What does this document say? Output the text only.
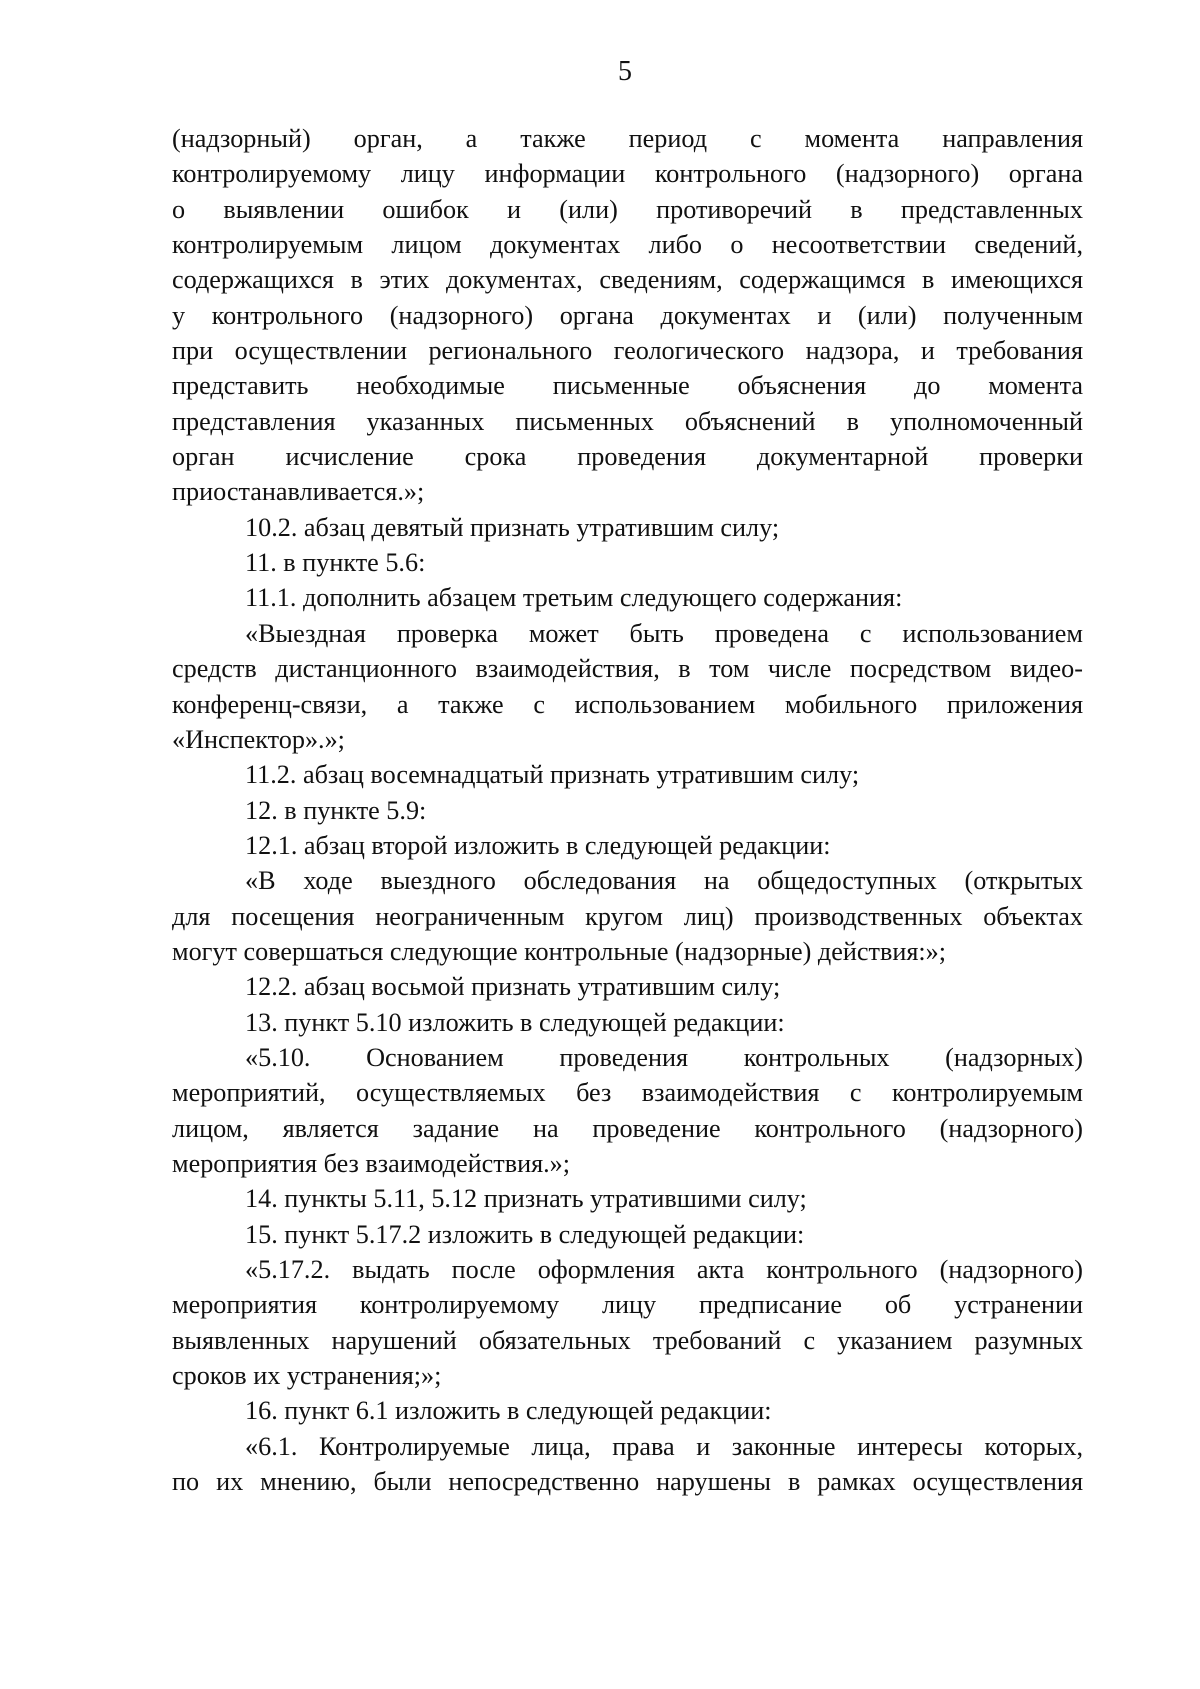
5
(надзорный) орган, а также период с момента направления
контролируемому лицу информации контрольного (надзорного) органа
о выявлении ошибок и (или) противоречий в представленных
контролируемым лицом документах либо о несоответствии сведений,
содержащихся в этих документах, сведениям, содержащимся в имеющихся
у контрольного (надзорного) органа документах и (или) полученным
при осуществлении регионального геологического надзора, и требования
представить необходимые письменные объяснения до момента
представления указанных письменных объяснений в уполномоченный
орган исчисление срока проведения документарной проверки
приостанавливается.»;
10.2. абзац девятый признать утратившим силу;
11. в пункте 5.6:
11.1. дополнить абзацем третьим следующего содержания:
«Выездная проверка может быть проведена с использованием
средств дистанционного взаимодействия, в том числе посредством видео-
конференц-связи, а также с использованием мобильного приложения
«Инспектор».»;
11.2. абзац восемнадцатый признать утратившим силу;
12. в пункте 5.9:
12.1. абзац второй изложить в следующей редакции:
«В ходе выездного обследования на общедоступных (открытых
для посещения неограниченным кругом лиц) производственных объектах
могут совершаться следующие контрольные (надзорные) действия:»;
12.2. абзац восьмой признать утратившим силу;
13. пункт 5.10 изложить в следующей редакции:
«5.10. Основанием проведения контрольных (надзорных)
мероприятий, осуществляемых без взаимодействия с контролируемым
лицом, является задание на проведение контрольного (надзорного)
мероприятия без взаимодействия.»;
14. пункты 5.11, 5.12 признать утратившими силу;
15. пункт 5.17.2 изложить в следующей редакции:
«5.17.2. выдать после оформления акта контрольного (надзорного)
мероприятия контролируемому лицу предписание об устранении
выявленных нарушений обязательных требований с указанием разумных
сроков их устранения;»;
16. пункт 6.1 изложить в следующей редакции:
«6.1. Контролируемые лица, права и законные интересы которых,
по их мнению, были непосредственно нарушены в рамках осуществления
